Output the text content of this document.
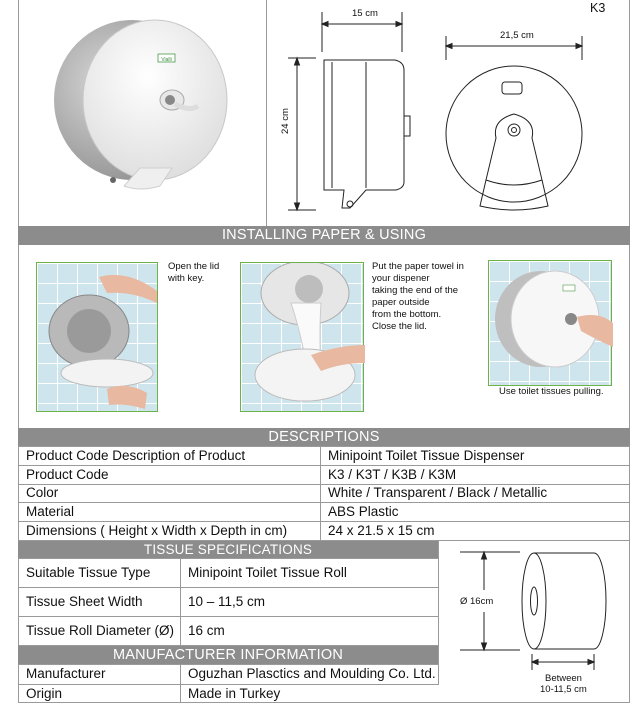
Vialli
K3
15 cm
24 cm
21,5 cm
INSTALLING PAPER & USING
Open the lid
with key.
Put the paper towel in
your dispener
taking the end of the
paper outside
from the bottom.
Close the lid.
Use toilet tissues pulling.
DESCRIPTIONS
Product Code Description of Product	Minipoint Toilet Tissue Dispenser
Product Code	K3 / K3T / K3B / K3M
Color	White / Transparent / Black / Metallic
Material	ABS Plastic
Dimensions ( Height x Width x Depth in cm)	24 x 21.5 x 15 cm
TISSUE SPECIFICATIONS
Suitable Tissue Type	Minipoint Toilet Tissue Roll
Tissue Sheet Width	10 – 11,5 cm
Tissue Roll Diameter (Ø)	16 cm
Ø 16cm
Between
10-11,5 cm
MANUFACTURER INFORMATION
Manufacturer	Oguzhan Plasctics and Moulding Co. Ltd.
Origin	Made in Turkey
